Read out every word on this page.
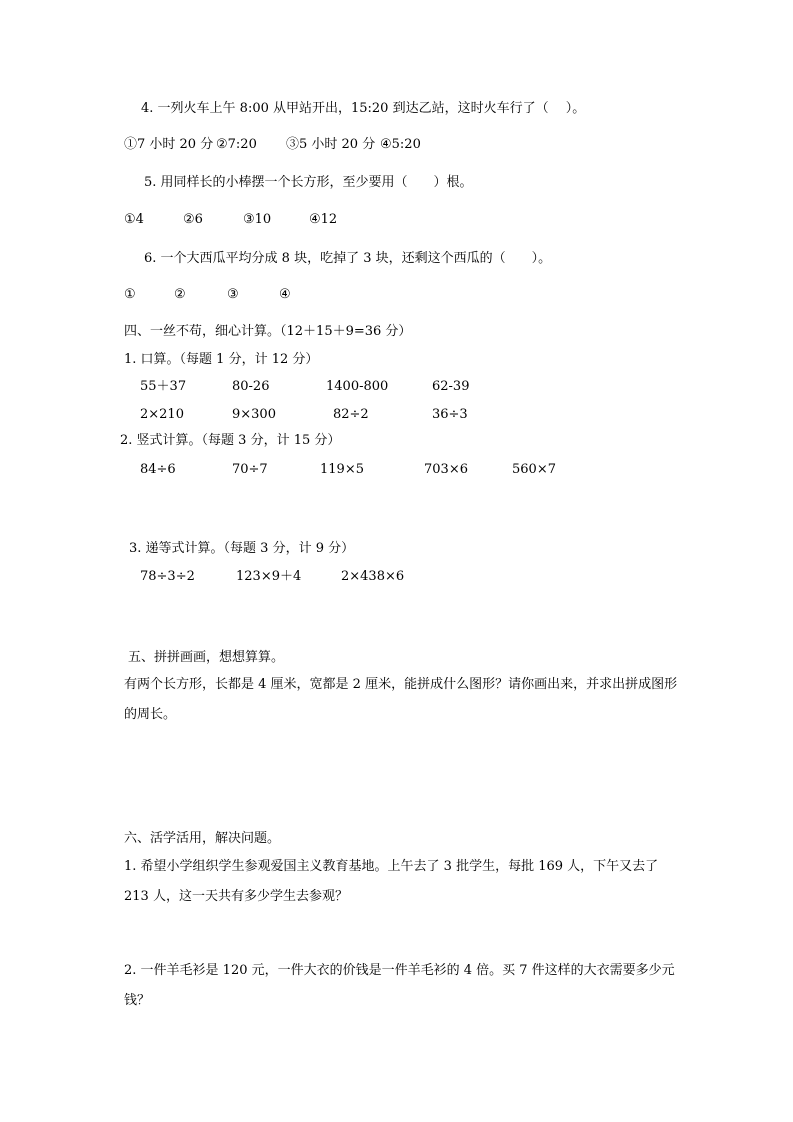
4. 一列火车上午 8:00 从甲站开出，15:20 到达乙站，这时火车行了（　 ）。
①7 小时 20 分 ②7:20 ③5 小时 20 分 ④5:20
5. 用同样长的小棒摆一个长方形，至少要用（　　）根。
①4	②6	③10	④12
6. 一个大西瓜平均分成 8 块，吃掉了 3 块，还剩这个西瓜的（　　）。
①	②	③	④
四、一丝不苟，细心计算。（12＋15＋9=36 分）
1. 口算。（每题 1 分，计 12 分）
55＋37	80-26	1400-800	62-39
2×210	9×300	82÷2	36÷3
2. 竖式计算。（每题 3 分，计 15 分）
84÷6	70÷7	119×5	703×6	560×7
3. 递等式计算。（每题 3 分，计 9 分）
78÷3÷2	123×9＋4	2×438×6
五、拼拼画画，想想算算。
有两个长方形，长都是 4 厘米，宽都是 2 厘米，能拼成什么图形？请你画出来，并求出拼成图形的周长。
六、活学活用，解决问题。
1. 希望小学组织学生参观爱国主义教育基地。上午去了 3 批学生，每批 169 人，下午又去了 213 人，这一天共有多少学生去参观？
2. 一件羊毛衫是 120 元，一件大衣的价钱是一件羊毛衫的 4 倍。买 7 件这样的大衣需要多少元钱？
